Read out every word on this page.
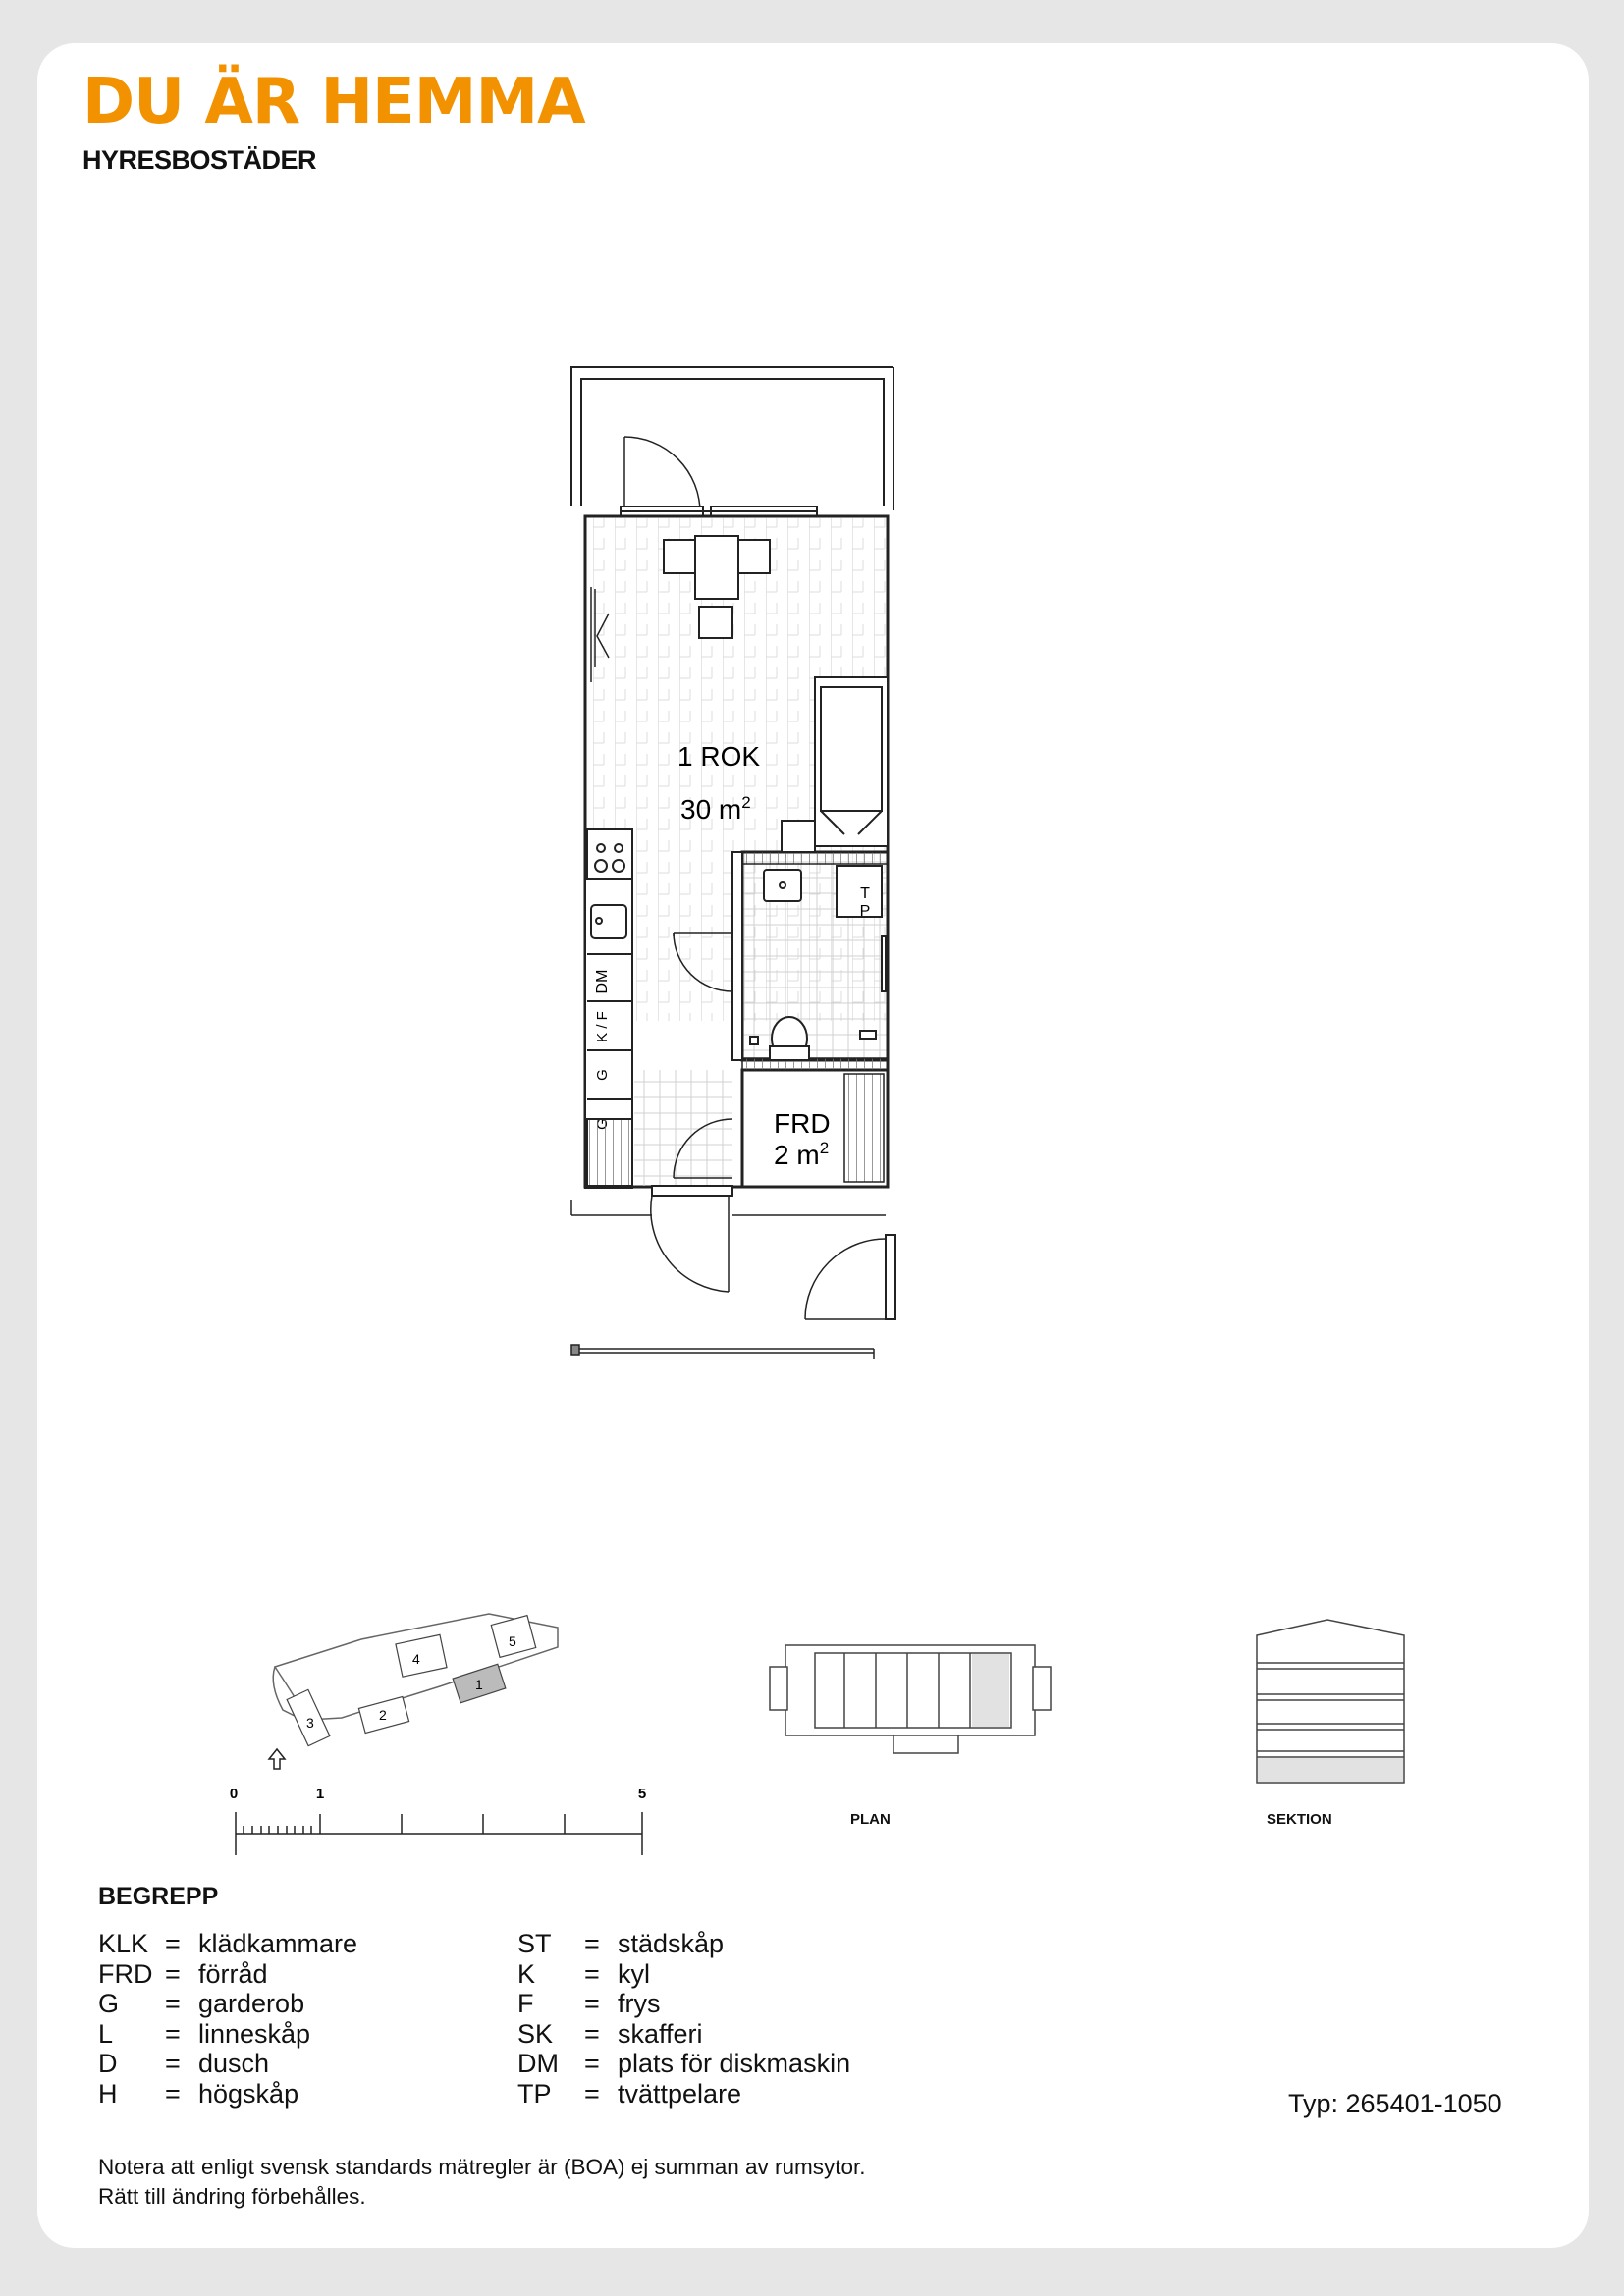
DU ÄR HEMMA
HYRESBOSTÄDER
DM
K / F
G
T
P
1 ROK
30 $m^2$
FRD
2 $m^2$
3
4
5
2
1
0	1	5
PLAN	SEKTION
BEGREPP
KLK = klädkammare
FRD = förråd
G	= garderob
L	= linneskåp
D	= dusch
H	= högskåp
ST	= städskåp
K	= kyl
F	= frys
SK	= skafferi
DM = plats för diskmaskin
TP	= tvättpelare	Typ: 265401-1050
Notera att enligt svensk standards mätregler är (BOA) ej summan av rumsytor.
Rätt till ändring förbehålles.
